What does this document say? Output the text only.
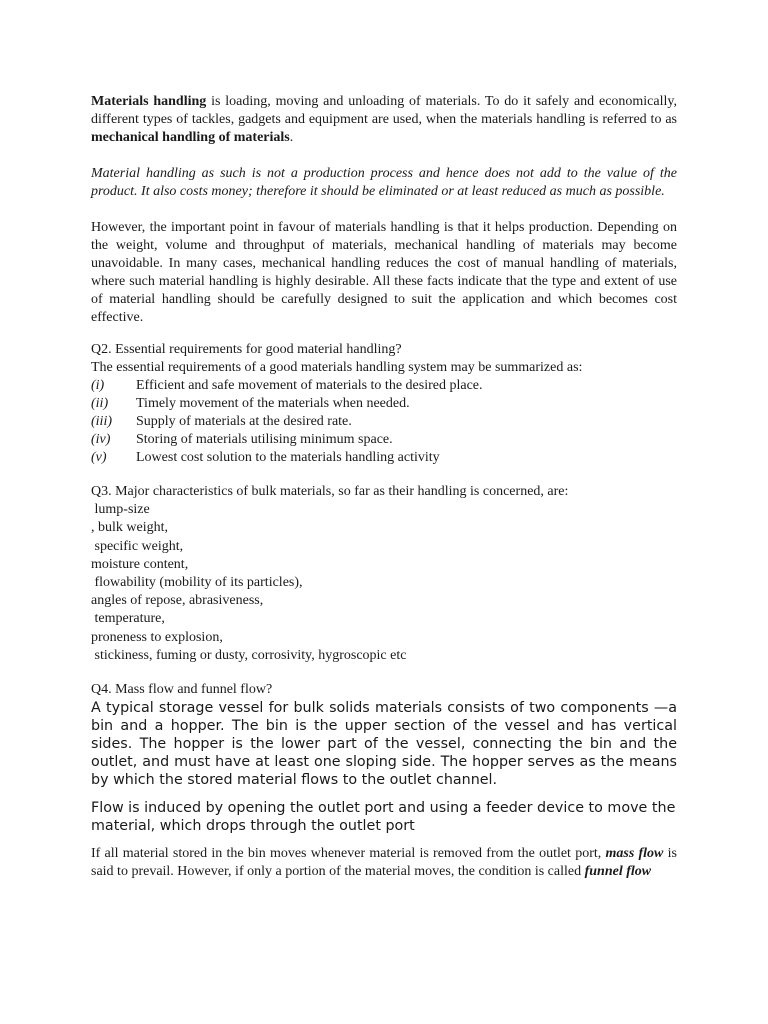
Materials handling is loading, moving and unloading of materials. To do it safely and economically, different types of tackles, gadgets and equipment are used, when the materials handling is referred to as mechanical handling of materials.

Material handling as such is not a production process and hence does not add to the value of the product. It also costs money; therefore it should be eliminated or at least reduced as much as possible.

However, the important point in favour of materials handling is that it helps production. Depending on the weight, volume and throughput of materials, mechanical handling of materials may become unavoidable. In many cases, mechanical handling reduces the cost of manual handling of materials, where such material handling is highly desirable. All these facts indicate that the type and extent of use of material handling should be carefully designed to suit the application and which becomes cost effective.

Q2. Essential requirements for good material handling?

The essential requirements of a good materials handling system may be summarized as:

(i)	Efficient and safe movement of materials to the desired place.
(ii)	Timely movement of the materials when needed.
(iii)	Supply of materials at the desired rate.
(iv)	Storing of materials utilising minimum space.
(v)	Lowest cost solution to the materials handling activity

Q3. Major characteristics of bulk materials, so far as their handling is concerned, are:

lump-size
, bulk weight,
specific weight,
moisture content,
flowability (mobility of its particles),
angles of repose, abrasiveness,
temperature,
proneness to explosion,
stickiness, fuming or dusty, corrosivity, hygroscopic etc

Q4. Mass flow and funnel flow?

A typical storage vessel for bulk solids materials consists of two components —a bin and a hopper. The bin is the upper section of the vessel and has vertical sides. The hopper is the lower part of the vessel, connecting the bin and the outlet, and must have at least one sloping side. The hopper serves as the means by which the stored material flows to the outlet channel.

Flow is induced by opening the outlet port and using a feeder device to move the material, which drops through the outlet port

If all material stored in the bin moves whenever material is removed from the outlet port, mass flow is said to prevail. However, if only a portion of the material moves, the condition is called funnel flow
